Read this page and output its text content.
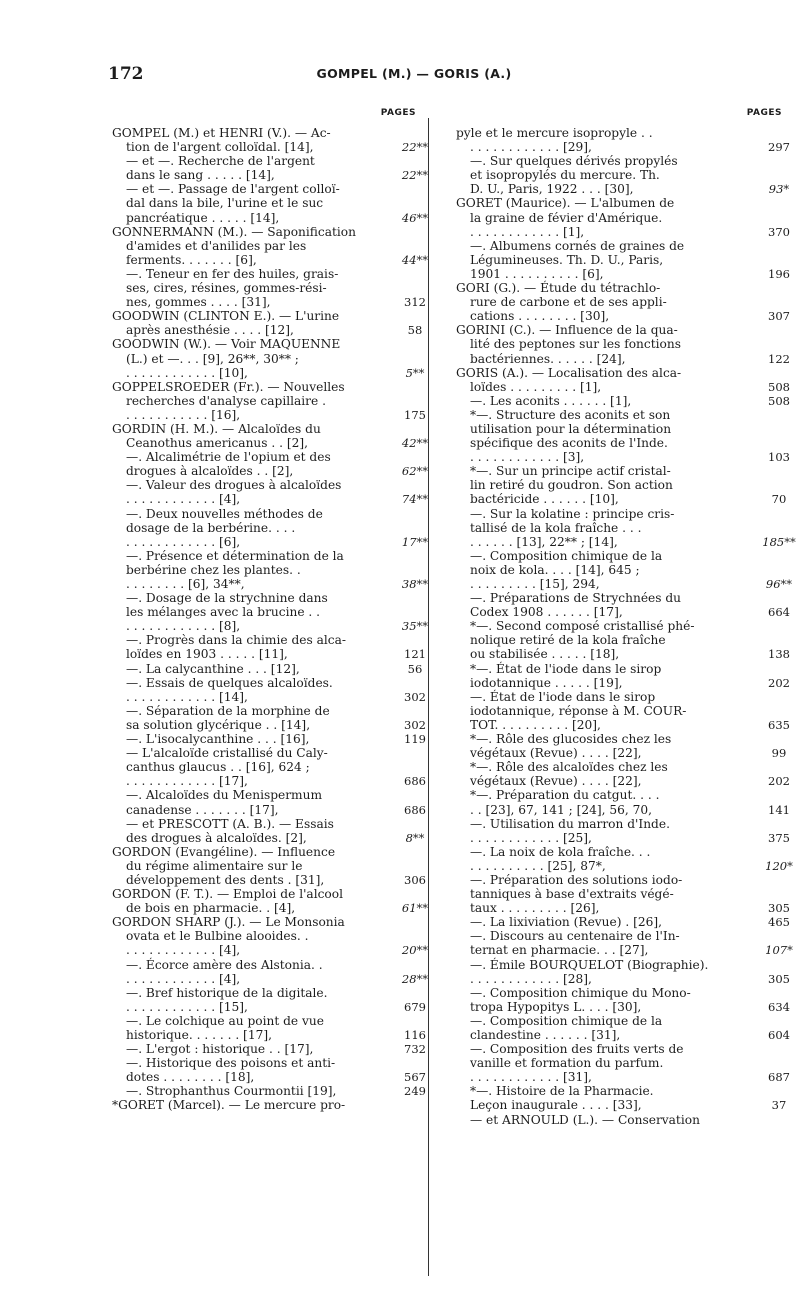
172	GOMPEL (M.) — GORIS (A.)
PAGES
GOMPEL (M.) et HENRI (V.). — Ac-
tion de l'argent colloïdal. [14],	22**
— et —. Recherche de l'argent
dans le sang . . . . . [14],	22**
— et —. Passage de l'argent colloï-
dal dans la bile, l'urine et le suc
pancréatique . . . . . [14],	46**
GONNERMANN (M.). — Saponification
d'amides et d'anilides par les
ferments. . . . . . . [6],	44**
—. Teneur en fer des huiles, grais-
ses, cires, résines, gommes-rési-
nes, gommes . . . . [31],	312
GOODWIN (CLINTON E.). — L'urine
après anesthésie . . . . [12],	58
GOODWIN (W.). — Voir MAQUENNE
(L.) et —. . . [9], 26**, 30** ;
. . . . . . . . . . . . [10],	5**
GOPPELSROEDER (Fr.). — Nouvelles
recherches d'analyse capillaire .
. . . . . . . . . . . [16],	175
GORDIN (H. M.). — Alcaloïdes du
Ceanothus americanus . . [2],	42**
—. Alcalimétrie de l'opium et des
drogues à alcaloïdes . . [2],	62**
—. Valeur des drogues à alcaloïdes
. . . . . . . . . . . . [4],	74**
—. Deux nouvelles méthodes de
dosage de la berbérine. . . .
. . . . . . . . . . . . [6],	17**
—. Présence et détermination de la
berbérine chez les plantes. .
. . . . . . . . [6], 34**,	38**
—. Dosage de la strychnine dans
les mélanges avec la brucine . .
. . . . . . . . . . . . [8],	35**
—. Progrès dans la chimie des alca-
loïdes en 1903 . . . . . [11],	121
—. La calycanthine . . . [12],	56
—. Essais de quelques alcaloïdes.
. . . . . . . . . . . . [14],	302
—. Séparation de la morphine de
sa solution glycérique . . [14],	302
—. L'isocalycanthine . . . [16],	119
— L'alcaloïde cristallisé du Caly-
canthus glaucus . . [16], 624 ;
. . . . . . . . . . . . [17],	686
—. Alcaloïdes du Menispermum
canadense . . . . . . . [17],	686
— et PRESCOTT (A. B.). — Essais
des drogues à alcaloïdes. [2],	8**
GORDON (Evangéline). — Influence
du régime alimentaire sur le
développement des dents . [31],	306
GORDON (F. T.). — Emploi de l'alcool
de bois en pharmacie. . [4],	61**
GORDON SHARP (J.). — Le Monsonia
ovata et le Bulbine alooides. .
. . . . . . . . . . . . [4],	20**
—. Écorce amère des Alstonia. .
. . . . . . . . . . . . [4],	28**
—. Bref historique de la digitale.
. . . . . . . . . . . . [15],	679
—. Le colchique au point de vue
historique. . . . . . . [17],	116
—. L'ergot : historique . . [17],	732
—. Historique des poisons et anti-
dotes . . . . . . . . [18],	567
—. Strophanthus Courmontii [19],	249
*GORET (Marcel). — Le mercure pro-
PAGES
pyle et le mercure isopropyle . .
. . . . . . . . . . . . [29],	297
—. Sur quelques dérivés propylés
et isopropylés du mercure. Th.
D. U., Paris, 1922 . . . [30],	93*
GORET (Maurice). — L'albumen de
la graine de févier d'Amérique.
. . . . . . . . . . . . [1],	370
—. Albumens cornés de graines de
Légumineuses. Th. D. U., Paris,
1901 . . . . . . . . . . [6],	196
GORI (G.). — Étude du tétrachlo-
rure de carbone et de ses appli-
cations . . . . . . . . [30],	307
GORINI (C.). — Influence de la qua-
lité des peptones sur les fonctions
bactériennes. . . . . . [24],	122
GORIS (A.). — Localisation des alca-
loïdes . . . . . . . . . [1],	508
—. Les aconits . . . . . . [1],	508
*—. Structure des aconits et son
utilisation pour la détermination
spécifique des aconits de l'Inde.
. . . . . . . . . . . . [3],	103
*—. Sur un principe actif cristal-
lin retiré du goudron. Son action
bactéricide . . . . . . [10],	70
—. Sur la kolatine : principe cris-
tallisé de la kola fraîche . . .
. . . . . . [13], 22** ; [14],	185**
—. Composition chimique de la
noix de kola. . . . [14], 645 ;
. . . . . . . . . [15], 294,	96**
—. Préparations de Strychnées du
Codex 1908 . . . . . . [17],	664
*—. Second composé cristallisé phé-
nolique retiré de la kola fraîche
ou stabilisée . . . . . [18],	138
*—. État de l'iode dans le sirop
iodotannique . . . . . [19],	202
—. État de l'iode dans le sirop
iodotannique, réponse à M. COUR-
TOT. . . . . . . . . . [20],	635
*—. Rôle des glucosides chez les
végétaux (Revue) . . . . [22],	99
*—. Rôle des alcaloïdes chez les
végétaux (Revue) . . . . [22],	202
*—. Préparation du catgut. . . .
. . [23], 67, 141 ; [24], 56, 70,	141
—. Utilisation du marron d'Inde.
. . . . . . . . . . . . [25],	375
—. La noix de kola fraîche. . .
. . . . . . . . . . [25], 87*,	120*
—. Préparation des solutions iodo-
tanniques à base d'extraits végé-
taux . . . . . . . . . [26],	305
—. La lixiviation (Revue) . [26],	465
—. Discours au centenaire de l'In-
ternat en pharmacie. . . [27],	107*
—. Émile BOURQUELOT (Biographie).
. . . . . . . . . . . . [28],	305
—. Composition chimique du Mono-
tropa Hypopitys L. . . . [30],	634
—. Composition chimique de la
clandestine . . . . . . [31],	604
—. Composition des fruits verts de
vanille et formation du parfum.
. . . . . . . . . . . . [31],	687
*—. Histoire de la Pharmacie.
Leçon inaugurale . . . . [33],	37
— et ARNOULD (L.). — Conservation
